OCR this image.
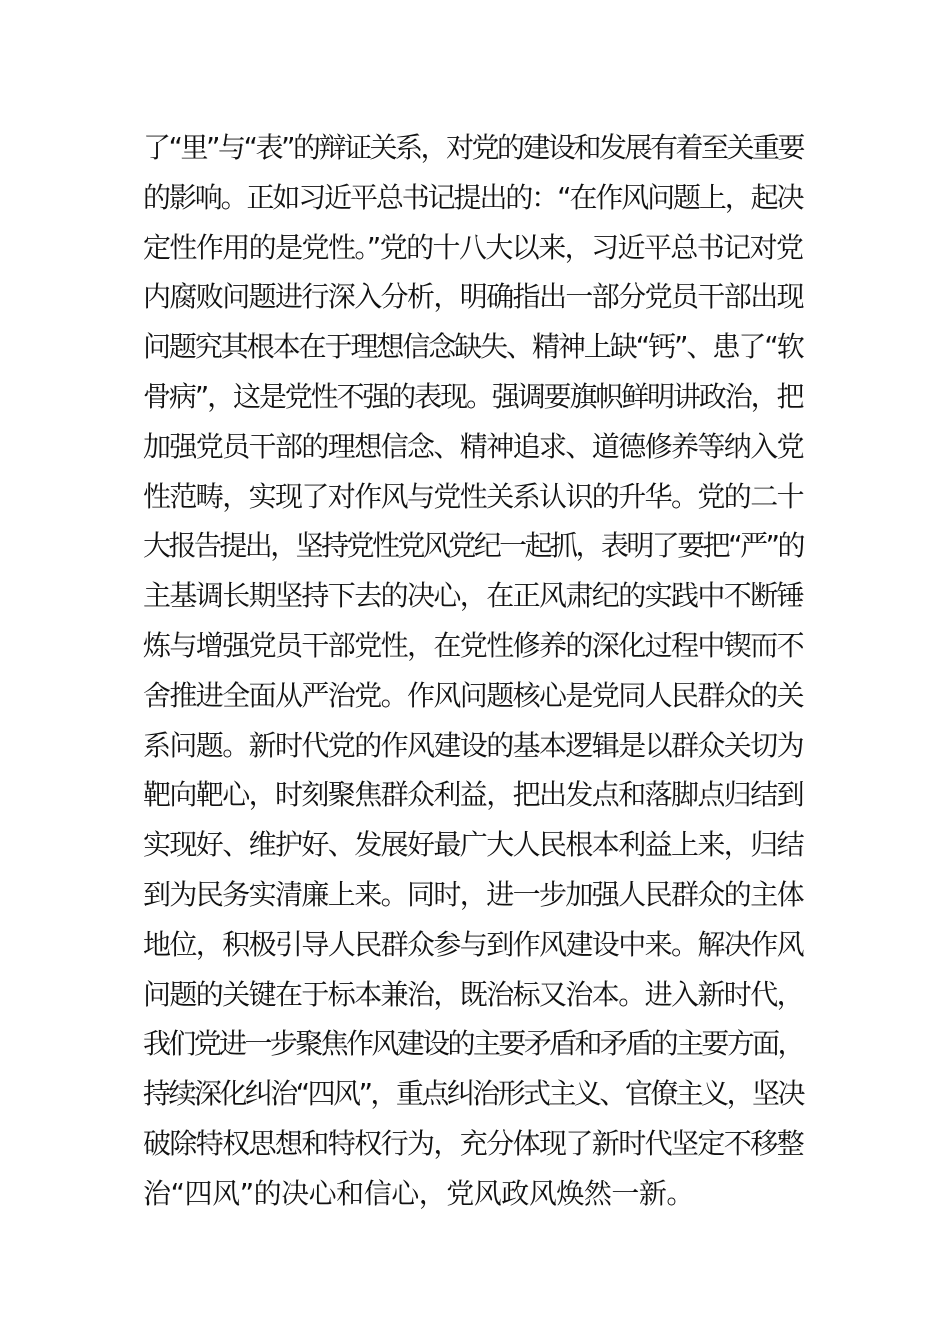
了“里”与“表”的辩证关系，对党的建设和发展有着至关重要
的影响。正如习近平总书记提出的：“在作风问题上，起决
定性作用的是党性。”党的十八大以来，习近平总书记对党
内腐败问题进行深入分析，明确指出一部分党员干部出现
问题究其根本在于理想信念缺失、精神上缺“钙”、患了“软
骨病”，这是党性不强的表现。强调要旗帜鲜明讲政治，把
加强党员干部的理想信念、精神追求、道德修养等纳入党
性范畴，实现了对作风与党性关系认识的升华。党的二十
大报告提出，坚持党性党风党纪一起抓，表明了要把“严”的
主基调长期坚持下去的决心，在正风肃纪的实践中不断锤
炼与增强党员干部党性，在党性修养的深化过程中锲而不
舍推进全面从严治党。作风问题核心是党同人民群众的关
系问题。新时代党的作风建设的基本逻辑是以群众关切为
靶向靶心，时刻聚焦群众利益，把出发点和落脚点归结到
实现好、维护好、发展好最广大人民根本利益上来，归结
到为民务实清廉上来。同时，进一步加强人民群众的主体
地位，积极引导人民群众参与到作风建设中来。解决作风
问题的关键在于标本兼治，既治标又治本。进入新时代，
我们党进一步聚焦作风建设的主要矛盾和矛盾的主要方面，
持续深化纠治“四风”，重点纠治形式主义、官僚主义，坚决
破除特权思想和特权行为，充分体现了新时代坚定不移整
治“四风”的决心和信心，党风政风焕然一新。
